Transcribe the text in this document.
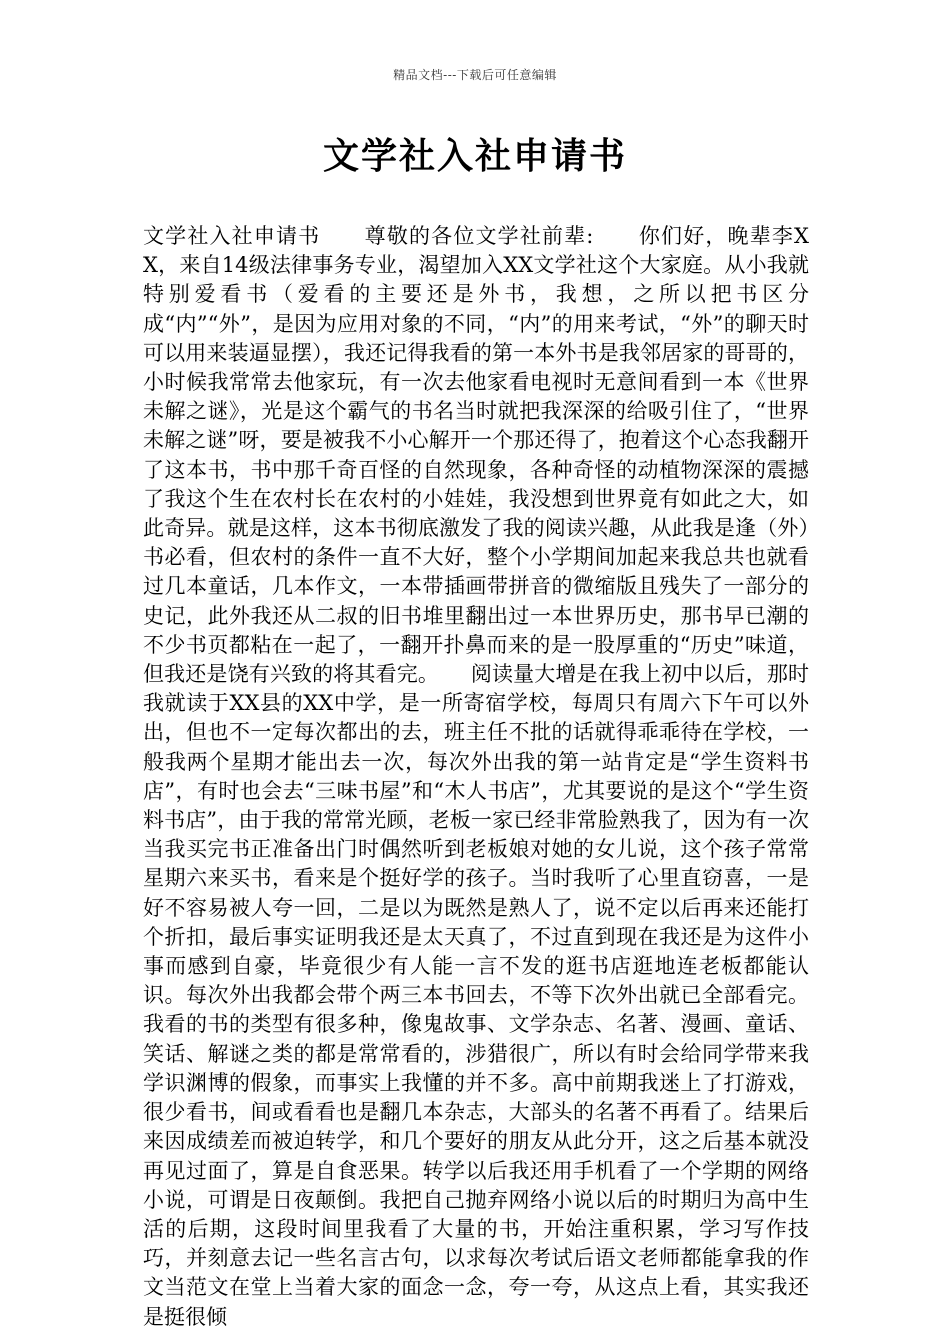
精品文档---下载后可任意编辑
文学社入社申请书

文学社入社申请书　　尊敬的各位文学社前辈:　　你们好，晚辈李XX，来自14级法律事务专业，渴望加入XX文学社这个大家庭。从小我就特别爱看书（爱看的主要还是外书，我想，之所以把书区分成“内”“外”，是因为应用对象的不同，“内”的用来考试，“外”的聊天时可以用来装逼显摆），我还记得我看的第一本外书是我邻居家的哥哥的，小时候我常常去他家玩，有一次去他家看电视时无意间看到一本《世界未解之谜》，光是这个霸气的书名当时就把我深深的给吸引住了，“世界未解之谜”呀，要是被我不小心解开一个那还得了，抱着这个心态我翻开了这本书，书中那千奇百怪的自然现象，各种奇怪的动植物深深的震撼了我这个生在农村长在农村的小娃娃，我没想到世界竟有如此之大，如此奇异。就是这样，这本书彻底激发了我的阅读兴趣，从此我是逢（外）书必看，但农村的条件一直不大好，整个小学期间加起来我总共也就看过几本童话，几本作文，一本带插画带拼音的微缩版且残失了一部分的史记，此外我还从二叔的旧书堆里翻出过一本世界历史，那书早已潮的不少书页都粘在一起了，一翻开扑鼻而来的是一股厚重的“历史”味道，但我还是饶有兴致的将其看完。　　阅读量大增是在我上初中以后，那时我就读于XX县的XX中学，是一所寄宿学校，每周只有周六下午可以外出，但也不一定每次都出的去，班主任不批的话就得乖乖待在学校，一般我两个星期才能出去一次，每次外出我的第一站肯定是“学生资料书店”，有时也会去“三味书屋”和“木人书店”，尤其要说的是这个“学生资料书店”，由于我的常常光顾，老板一家已经非常脸熟我了，因为有一次当我买完书正准备出门时偶然听到老板娘对她的女儿说，这个孩子常常星期六来买书，看来是个挺好学的孩子。当时我听了心里直窃喜，一是好不容易被人夸一回，二是以为既然是熟人了，说不定以后再来还能打个折扣，最后事实证明我还是太天真了，不过直到现在我还是为这件小事而感到自豪，毕竟很少有人能一言不发的逛书店逛地连老板都能认识。每次外出我都会带个两三本书回去，不等下次外出就已全部看完。我看的书的类型有很多种，像鬼故事、文学杂志、名著、漫画、童话、笑话、解谜之类的都是常常看的，涉猎很广，所以有时会给同学带来我学识渊博的假象，而事实上我懂的并不多。高中前期我迷上了打游戏，很少看书，间或看看也是翻几本杂志，大部头的名著不再看了。结果后来因成绩差而被迫转学，和几个要好的朋友从此分开，这之后基本就没再见过面了，算是自食恶果。转学以后我还用手机看了一个学期的网络小说，可谓是日夜颠倒。我把自己抛弃网络小说以后的时期归为高中生活的后期，这段时间里我看了大量的书，开始注重积累，学习写作技巧，并刻意去记一些名言古句，以求每次考试后语文老师都能拿我的作文当范文在堂上当着大家的面念一念，夸一夸，从这点上看，其实我还是挺很倾
